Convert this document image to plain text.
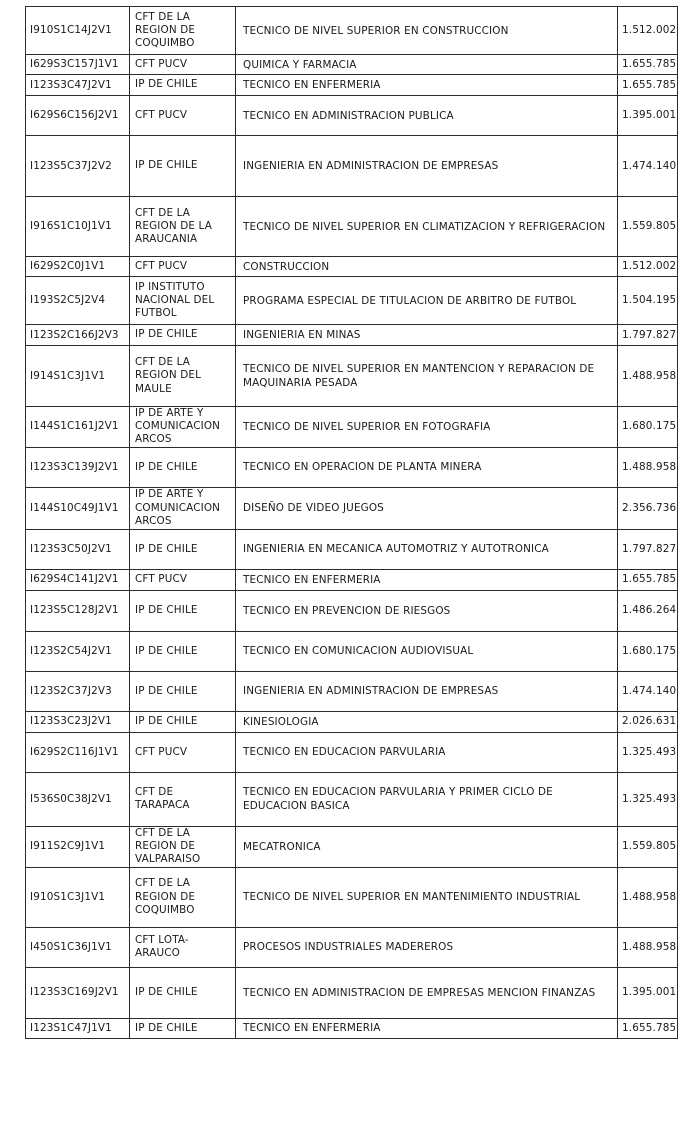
I910S1C14J2V1	CFT DE LA REGION DE COQUIMBO	TECNICO DE NIVEL SUPERIOR EN CONSTRUCCION	1.512.002
I629S3C157J1V1	CFT PUCV	QUIMICA Y FARMACIA	1.655.785
I123S3C47J2V1	IP DE CHILE	TECNICO EN ENFERMERIA	1.655.785
I629S6C156J2V1	CFT PUCV	TECNICO EN ADMINISTRACION PUBLICA	1.395.001
I123S5C37J2V2	IP DE CHILE	INGENIERIA EN ADMINISTRACION DE EMPRESAS	1.474.140
I916S1C10J1V1	CFT DE LA REGION DE LA ARAUCANIA	TECNICO DE NIVEL SUPERIOR EN CLIMATIZACION Y REFRIGERACION	1.559.805
I629S2C0J1V1	CFT PUCV	CONSTRUCCION	1.512.002
I193S2C5J2V4	IP INSTITUTO NACIONAL DEL FUTBOL	PROGRAMA ESPECIAL DE TITULACION DE ARBITRO DE FUTBOL	1.504.195
I123S2C166J2V3	IP DE CHILE	INGENIERIA EN MINAS	1.797.827
I914S1C3J1V1	CFT DE LA REGION DEL MAULE	TECNICO DE NIVEL SUPERIOR EN MANTENCION Y REPARACION DE MAQUINARIA PESADA	1.488.958
I144S1C161J2V1	IP DE ARTE Y COMUNICACION ARCOS	TECNICO DE NIVEL SUPERIOR EN FOTOGRAFIA	1.680.175
I123S3C139J2V1	IP DE CHILE	TECNICO EN OPERACION DE PLANTA MINERA	1.488.958
I144S10C49J1V1	IP DE ARTE Y COMUNICACION ARCOS	DISEÑO DE VIDEO JUEGOS	2.356.736
I123S3C50J2V1	IP DE CHILE	INGENIERIA EN MECANICA AUTOMOTRIZ Y AUTOTRONICA	1.797.827
I629S4C141J2V1	CFT PUCV	TECNICO EN ENFERMERIA	1.655.785
I123S5C128J2V1	IP DE CHILE	TECNICO EN PREVENCION DE RIESGOS	1.486.264
I123S2C54J2V1	IP DE CHILE	TECNICO EN COMUNICACION AUDIOVISUAL	1.680.175
I123S2C37J2V3	IP DE CHILE	INGENIERIA EN ADMINISTRACION DE EMPRESAS	1.474.140
I123S3C23J2V1	IP DE CHILE	KINESIOLOGIA	2.026.631
I629S2C116J1V1	CFT PUCV	TECNICO EN EDUCACION PARVULARIA	1.325.493
I536S0C38J2V1	CFT DE TARAPACA	TECNICO EN EDUCACION PARVULARIA Y PRIMER CICLO DE EDUCACION BASICA	1.325.493
I911S2C9J1V1	CFT DE LA REGION DE VALPARAISO	MECATRONICA	1.559.805
I910S1C3J1V1	CFT DE LA REGION DE COQUIMBO	TECNICO DE NIVEL SUPERIOR EN MANTENIMIENTO INDUSTRIAL	1.488.958
I450S1C36J1V1	CFT LOTA-ARAUCO	PROCESOS INDUSTRIALES MADEREROS	1.488.958
I123S3C169J2V1	IP DE CHILE	TECNICO EN ADMINISTRACION DE EMPRESAS MENCION FINANZAS	1.395.001
I123S1C47J1V1	IP DE CHILE	TECNICO EN ENFERMERIA	1.655.785
